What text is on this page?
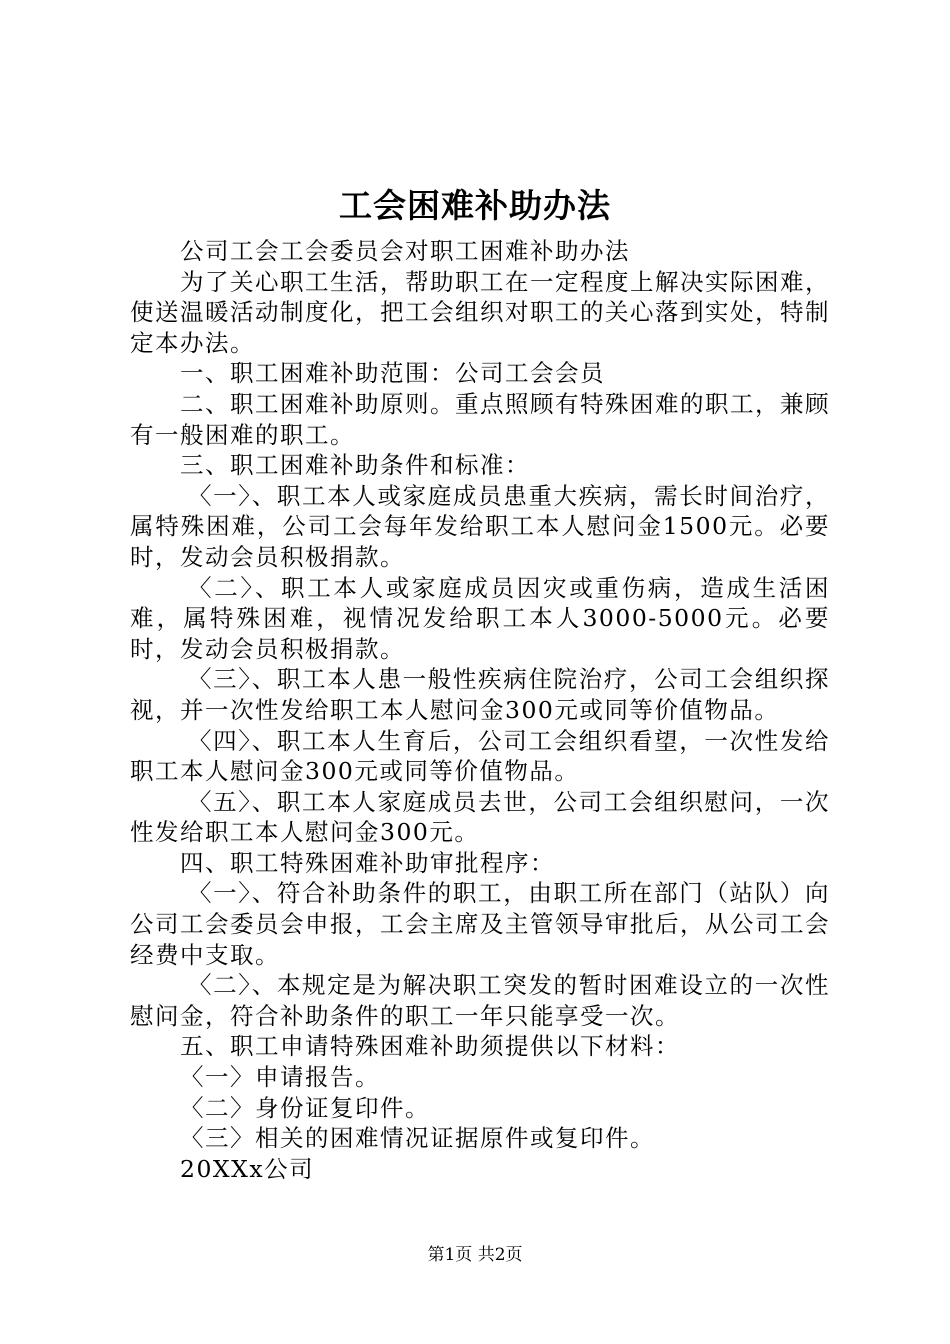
工会困难补助办法

公司工会工会委员会对职工困难补助办法

为了关心职工生活，帮助职工在一定程度上解决实际困难，使送温暖活动制度化，把工会组织对职工的关心落到实处，特制定本办法。

一、职工困难补助范围：公司工会会员

二、职工困难补助原则。重点照顾有特殊困难的职工，兼顾有一般困难的职工。

三、职工困难补助条件和标准：

〈一〉、职工本人或家庭成员患重大疾病，需长时间治疗，属特殊困难，公司工会每年发给职工本人慰问金1500元。必要时，发动会员积极捐款。

〈二〉、职工本人或家庭成员因灾或重伤病，造成生活困难，属特殊困难，视情况发给职工本人3000-5000元。必要时，发动会员积极捐款。

〈三〉、职工本人患一般性疾病住院治疗，公司工会组织探视，并一次性发给职工本人慰问金300元或同等价值物品。

〈四〉、职工本人生育后，公司工会组织看望，一次性发给职工本人慰问金300元或同等价值物品。

〈五〉、职工本人家庭成员去世，公司工会组织慰问，一次性发给职工本人慰问金300元。

四、职工特殊困难补助审批程序：

〈一〉、符合补助条件的职工，由职工所在部门（站队）向公司工会委员会申报，工会主席及主管领导审批后，从公司工会经费中支取。

〈二〉、本规定是为解决职工突发的暂时困难设立的一次性慰问金，符合补助条件的职工一年只能享受一次。

五、职工申请特殊困难补助须提供以下材料：

〈一〉申请报告。

〈二〉身份证复印件。

〈三〉相关的困难情况证据原件或复印件。

20XXx公司

第1页 共2页
